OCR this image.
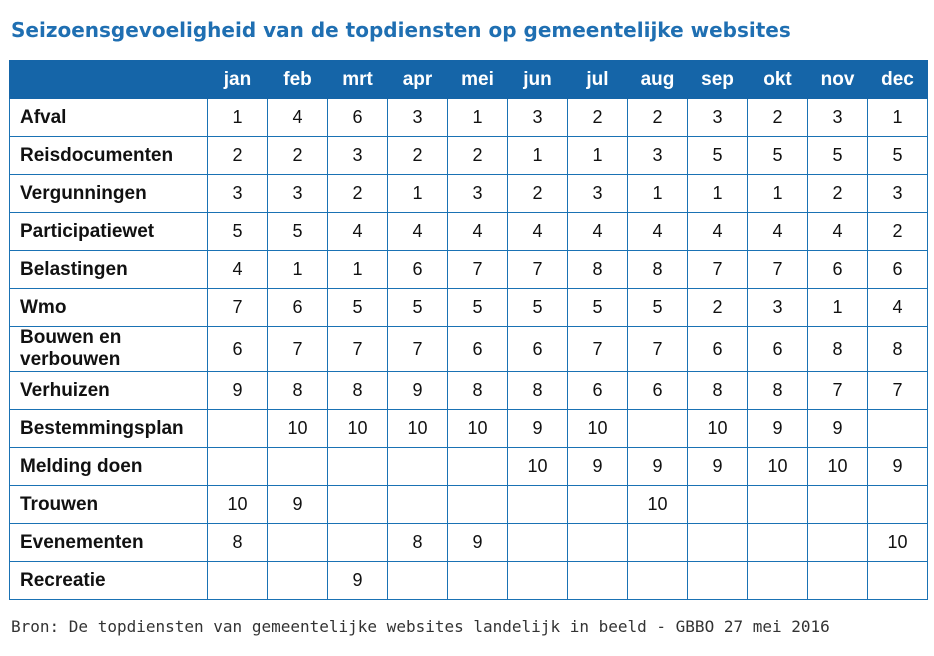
Seizoensgevoeligheid van de topdiensten op gemeentelijke websites
	jan	feb	mrt	apr	mei	jun	jul	aug	sep	okt	nov	dec
Afval	1	4	6	3	1	3	2	2	3	2	3	1
Reisdocumenten	2	2	3	2	2	1	1	3	5	5	5	5
Vergunningen	3	3	2	1	3	2	3	1	1	1	2	3
Participatiewet	5	5	4	4	4	4	4	4	4	4	4	2
Belastingen	4	1	1	6	7	7	8	8	7	7	6	6
Wmo	7	6	5	5	5	5	5	5	2	3	1	4
Bouwen en verbouwen	6	7	7	7	6	6	7	7	6	6	8	8
Verhuizen	9	8	8	9	8	8	6	6	8	8	7	7
Bestemmingsplan		10	10	10	10	9	10		10	9	9	
Melding doen						10	9	9	9	10	10	9
Trouwen	10	9						10				
Evenementen	8			8	9							10
Recreatie			9									
Bron: De topdiensten van gemeentelijke websites landelijk in beeld - GBBO 27 mei 2016
